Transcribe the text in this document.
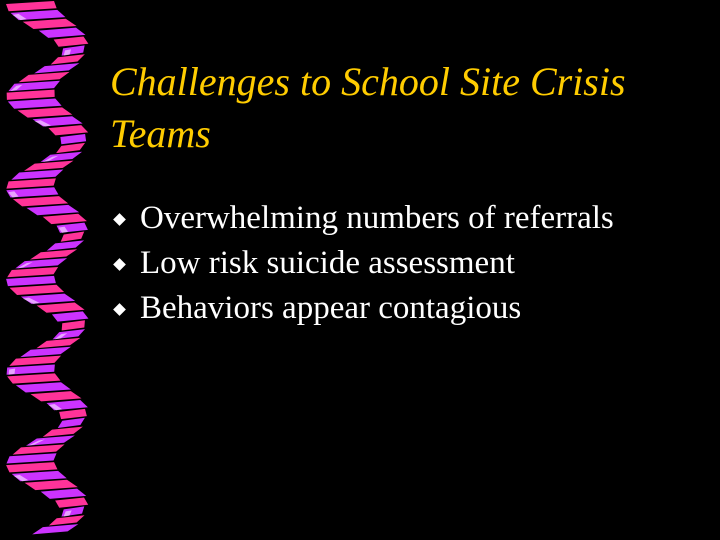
Challenges to School Site Crisis
Teams
Overwhelming numbers of referrals
Low risk suicide assessment
Behaviors appear contagious
